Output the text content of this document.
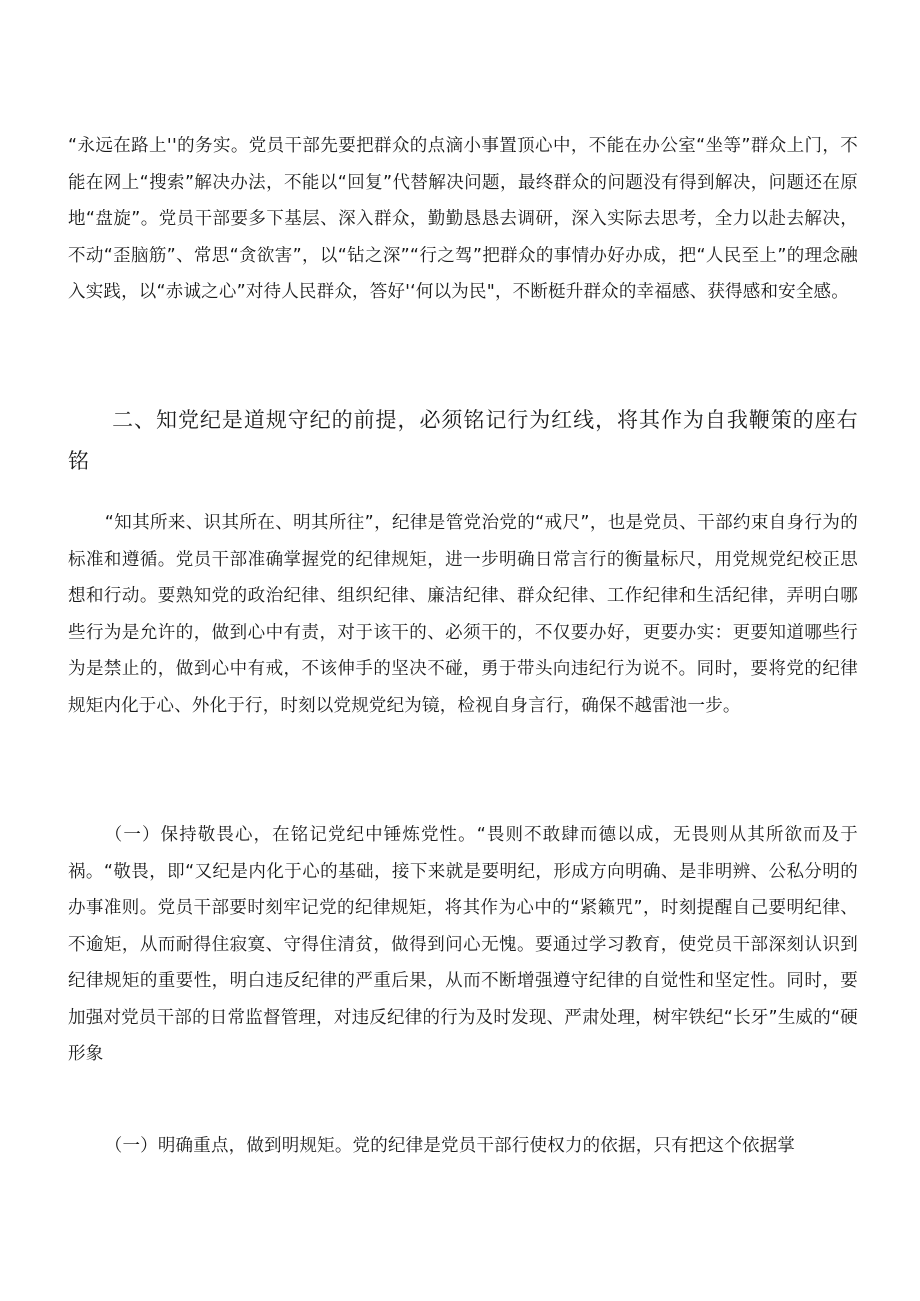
“永远在路上''的务实。党员干部先要把群众的点滴小事置顶心中，不能在办公室“坐等”群众上门，不能在网上“搜索”解决办法，不能以“回复”代替解决问题，最终群众的问题没有得到解决，问题还在原地“盘旋”。党员干部要多下基层、深入群众，勤勤恳恳去调研，深入实际去思考，全力以赴去解决，不动“歪脑筋”、常思“贪欲害”，以“钻之深”“行之驾”把群众的事情办好办成，把“人民至上”的理念融入实践，以“赤诚之心”对待人民群众，答好'‘何以为民"，不断梃升群众的幸福感、获得感和安全感。

二、知党纪是道规守纪的前提，必须铭记行为红线，将其作为自我鞭策的座右铭

“知其所来、识其所在、明其所往”，纪律是管党治党的“戒尺”，也是党员、干部约束自身行为的标准和遵循。党员干部准确掌握党的纪律规矩，进一步明确日常言行的衡量标尺，用党规党纪校正思想和行动。要熟知党的政治纪律、组织纪律、廉洁纪律、群众纪律、工作纪律和生活纪律，弄明白哪些行为是允许的，做到心中有责，对于该干的、必须干的，不仅要办好，更要办实：更要知道哪些行为是禁止的，做到心中有戒，不该伸手的坚决不碰，勇于带头向违纪行为说不。同时，要将党的纪律规矩内化于心、外化于行，时刻以党规党纪为镜，检视自身言行，确保不越雷池一步。

（一）保持敬畏心，在铭记党纪中锤炼党性。“畏则不敢肆而德以成，无畏则从其所欲而及于祸。“敬畏，即“又纪是内化于心的基础，接下来就是要明纪，形成方向明确、是非明辨、公私分明的办事准则。党员干部要时刻牢记党的纪律规矩，将其作为心中的“紧籁咒”，时刻提醒自己要明纪律、不逾矩，从而耐得住寂寞、守得住清贫，做得到问心无愧。要通过学习教育，使党员干部深刻认识到纪律规矩的重要性，明白违反纪律的严重后果，从而不断增强遵守纪律的自觉性和坚定性。同时，要加强对党员干部的日常监督管理，对违反纪律的行为及时发现、严肃处理，树牢铁纪“长牙”生威的“硬形象

（一）明确重点，做到明规矩。党的纪律是党员干部行使权力的依据，只有把这个依据掌
